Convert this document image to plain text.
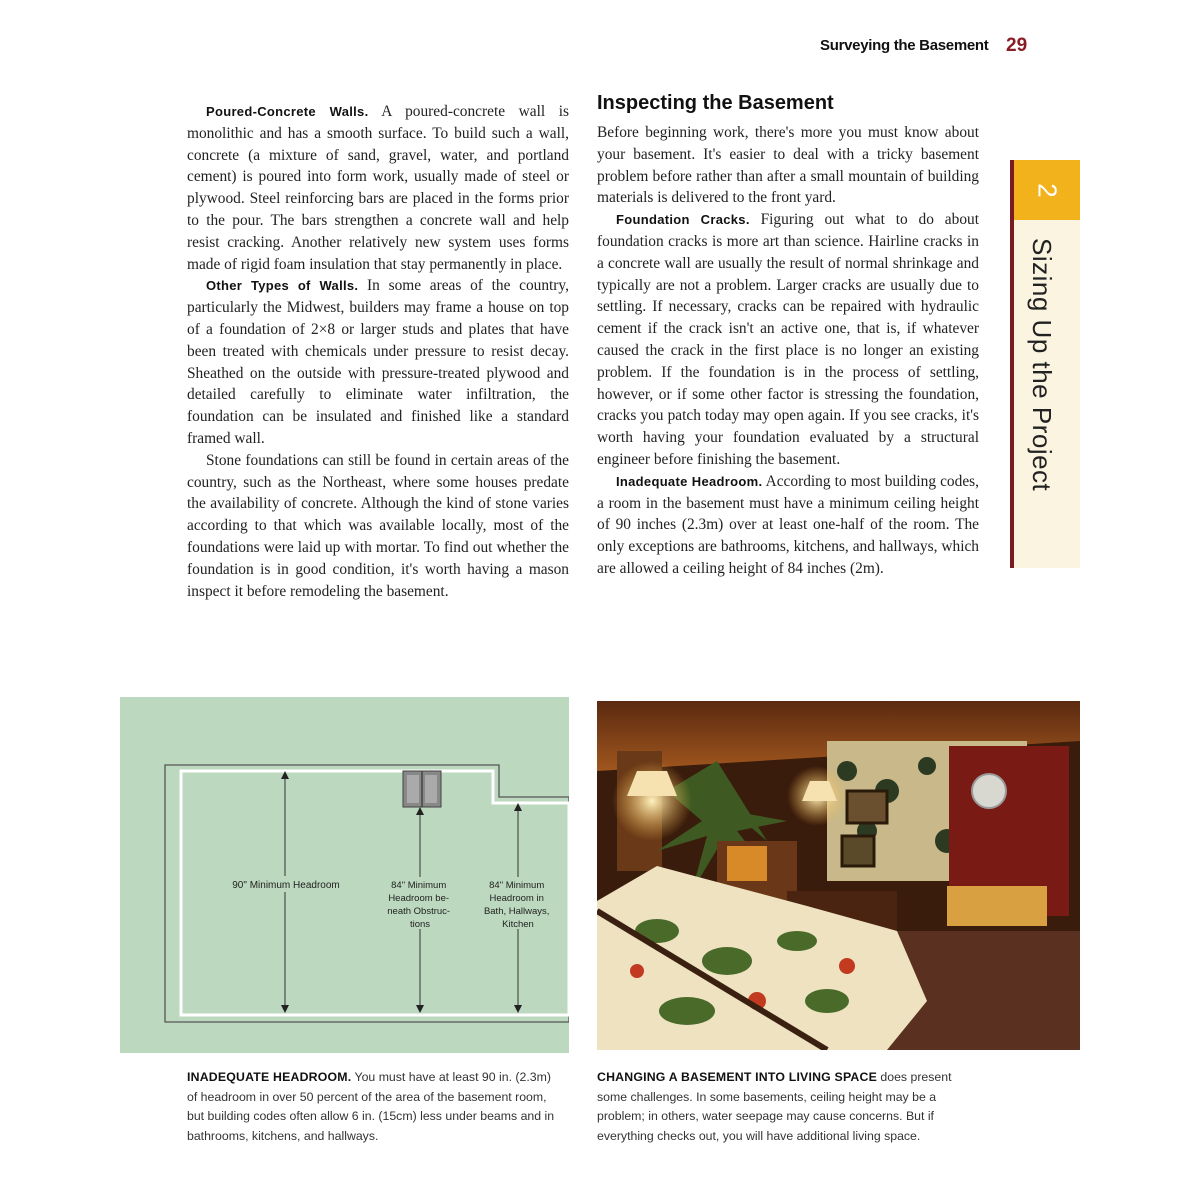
Surveying the Basement 29

Poured-Concrete Walls. A poured-concrete wall is monolithic and has a smooth surface. To build such a wall, concrete (a mixture of sand, gravel, water, and portland cement) is poured into form work, usually made of steel or plywood. Steel reinforcing bars are placed in the forms prior to the pour. The bars strengthen a concrete wall and help resist cracking. Another relatively new system uses forms made of rigid foam insulation that stay permanently in place.

Other Types of Walls. In some areas of the country, particularly the Midwest, builders may frame a house on top of a foundation of 2×8 or larger studs and plates that have been treated with chemicals under pressure to resist decay. Sheathed on the outside with pressure-treated plywood and detailed carefully to eliminate water infiltration, the foundation can be insulated and finished like a standard framed wall.

Stone foundations can still be found in certain areas of the country, such as the Northeast, where some houses predate the availability of concrete. Although the kind of stone varies according to that which was available locally, most of the foundations were laid up with mortar. To find out whether the foundation is in good condition, it's worth having a mason inspect it before remodeling the basement.

Inspecting the Basement

Before beginning work, there's more you must know about your basement. It's easier to deal with a tricky basement problem before rather than after a small mountain of building materials is delivered to the front yard.

Foundation Cracks. Figuring out what to do about foundation cracks is more art than science. Hairline cracks in a concrete wall are usually the result of normal shrinkage and typically are not a problem. Larger cracks are usually due to settling. If necessary, cracks can be repaired with hydraulic cement if the crack isn't an active one, that is, if whatever caused the crack in the first place is no longer an existing problem. If the foundation is in the process of settling, however, or if some other factor is stressing the foundation, cracks you patch today may open again. If you see cracks, it's worth having your foundation evaluated by a structural engineer before finishing the basement.

Inadequate Headroom. According to most building codes, a room in the basement must have a minimum ceiling height of 90 inches (2.3m) over at least one-half of the room. The only exceptions are bathrooms, kitchens, and hallways, which are allowed a ceiling height of 84 inches (2m).

2
Sizing Up the Project
90" Minimum Headroom	84" Minimum Headroom be- neath Obstruc- tions
84" Minimum Headroom in Bath, Hallways, Kitchen
INADEQUATE HEADROOM. You must have at least 90 in. (2.3m) of headroom in over 50 percent of the area of the basement room, but building codes often allow 6 in. (15cm) less under beams and in bathrooms, kitchens, and hallways.
CHANGING A BASEMENT INTO LIVING SPACE does present some challenges. In some basements, ceiling height may be a problem; in others, water seepage may cause concerns. But if everything checks out, you will have additional living space.
